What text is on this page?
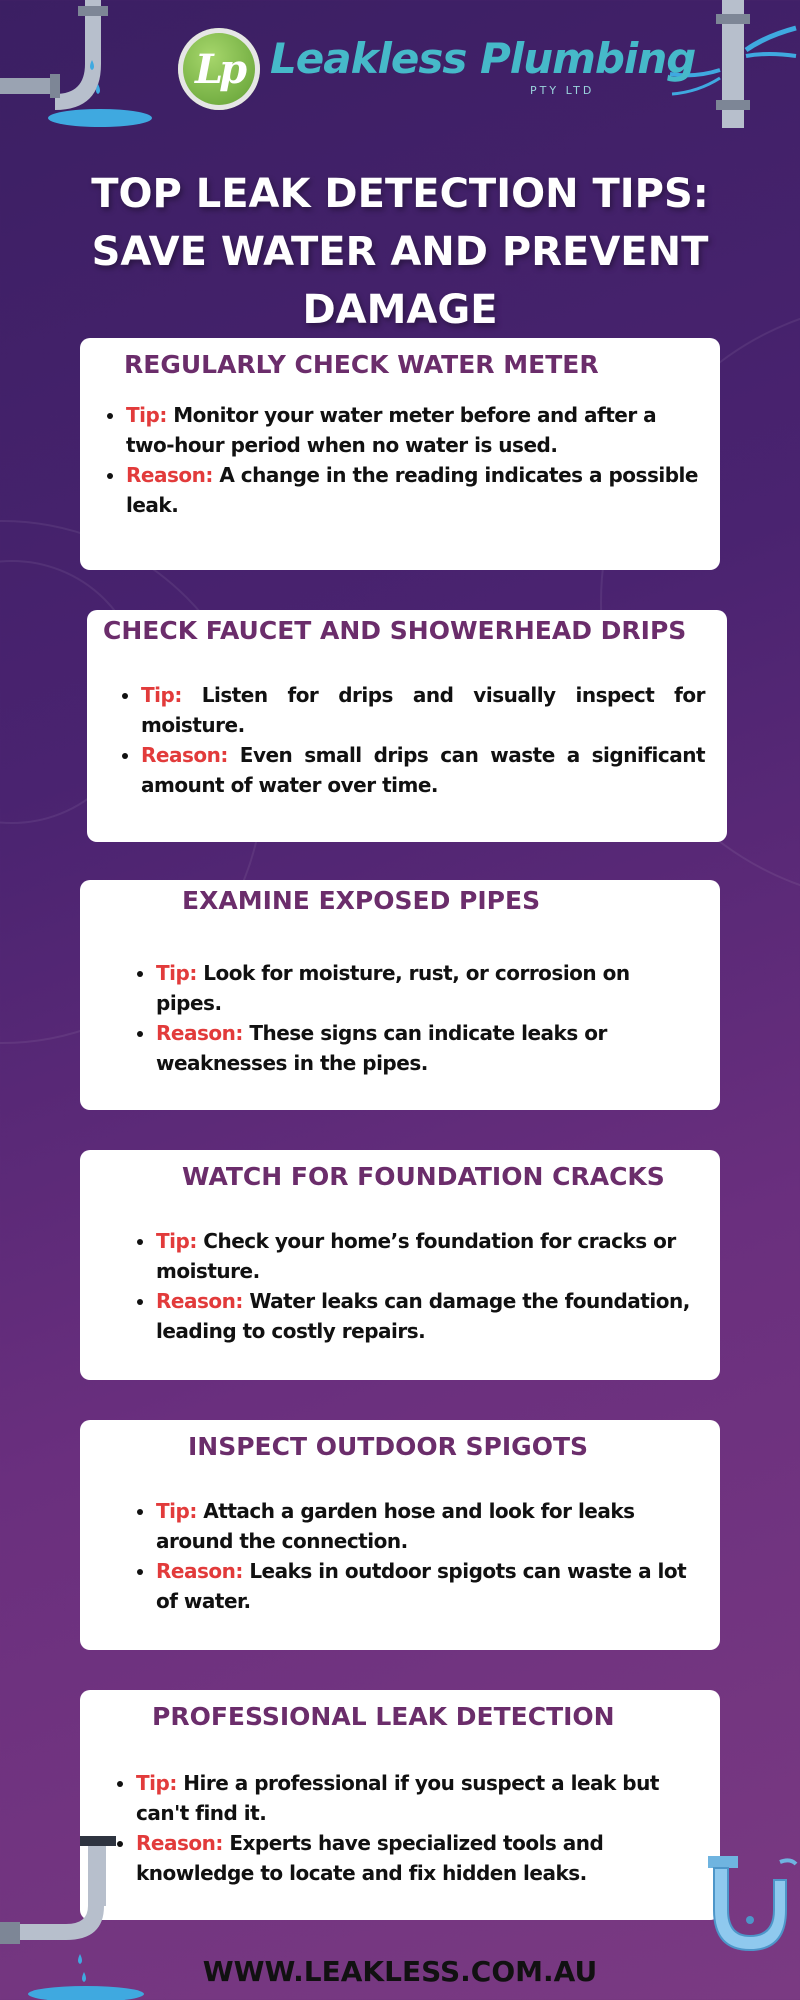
Lp Leakless Plumbing
PTY LTD
TOP LEAK DETECTION TIPS: SAVE WATER AND PREVENT DAMAGE
REGULARLY CHECK WATER METER
• Tip: Monitor your water meter before and after a two-hour period when no water is used.
• Reason: A change in the reading indicates a possible leak.
CHECK FAUCET AND SHOWERHEAD DRIPS
• Tip: Listen for drips and visually inspect for moisture.
• Reason: Even small drips can waste a significant amount of water over time.
EXAMINE EXPOSED PIPES
• Tip: Look for moisture, rust, or corrosion on pipes.
• Reason: These signs can indicate leaks or weaknesses in the pipes.
WATCH FOR FOUNDATION CRACKS
• Tip: Check your home’s foundation for cracks or moisture.
• Reason: Water leaks can damage the foundation, leading to costly repairs.
INSPECT OUTDOOR SPIGOTS
• Tip: Attach a garden hose and look for leaks around the connection.
• Reason: Leaks in outdoor spigots can waste a lot of water.
PROFESSIONAL LEAK DETECTION
• Tip: Hire a professional if you suspect a leak but can't find it.
• Reason: Experts have specialized tools and knowledge to locate and fix hidden leaks.
WWW.LEAKLESS.COM.AU
